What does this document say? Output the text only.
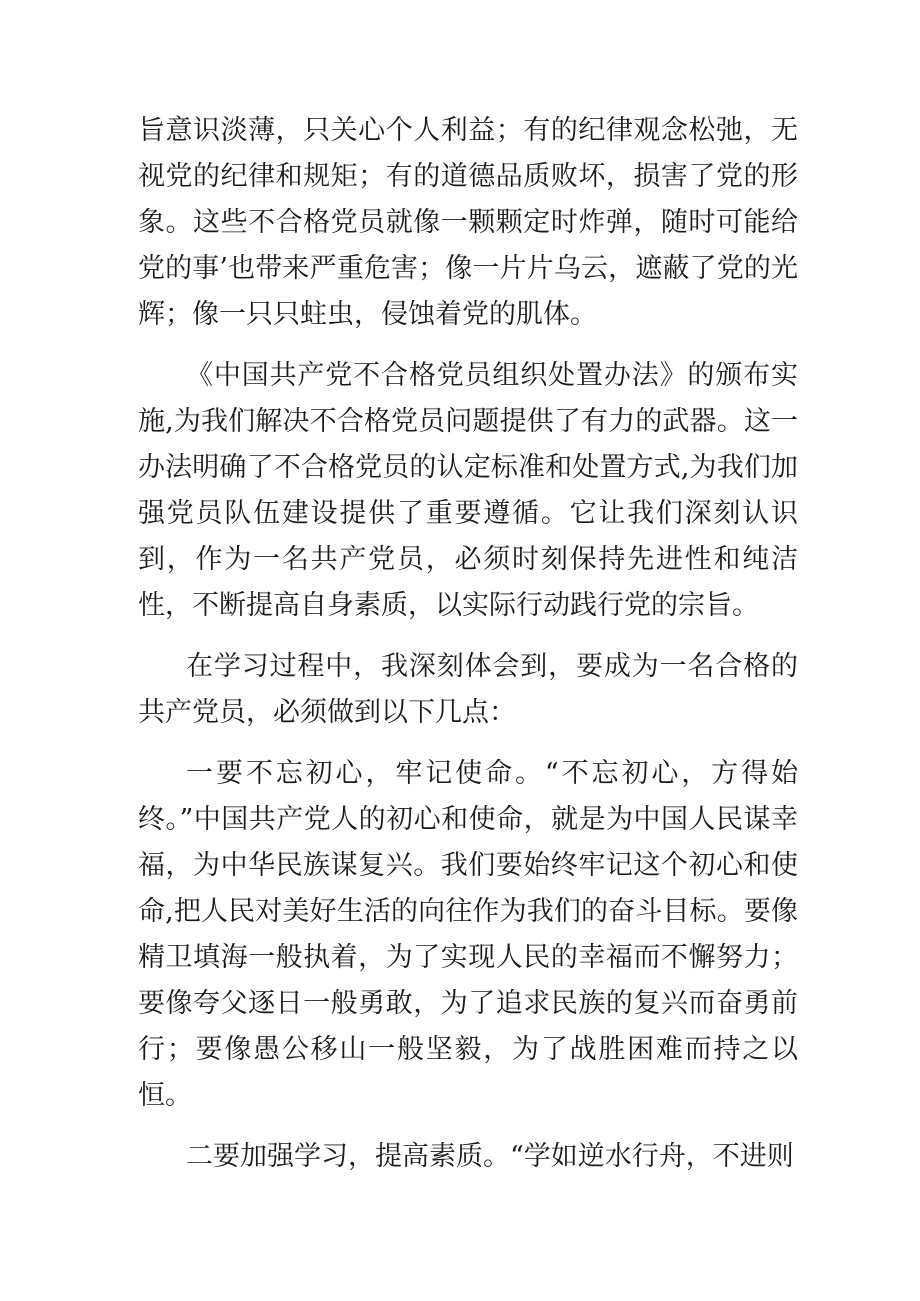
旨意识淡薄，只关心个人利益；有的纪律观念松弛，无视党的纪律和规矩；有的道德品质败坏，损害了党的形象。这些不合格党员就像一颗颗定时炸弹，随时可能给党的事’也带来严重危害；像一片片乌云，遮蔽了党的光辉；像一只只蛀虫，侵蚀着党的肌体。

《中国共产党不合格党员组织处置办法》的颁布实施,为我们解决不合格党员问题提供了有力的武器。这一办法明确了不合格党员的认定标准和处置方式,为我们加强党员队伍建设提供了重要遵循。它让我们深刻认识到，作为一名共产党员，必须时刻保持先进性和纯洁性，不断提高自身素质，以实际行动践行党的宗旨。

在学习过程中，我深刻体会到，要成为一名合格的共产党员，必须做到以下几点：

一要不忘初心，牢记使命。“不忘初心，方得始终。”中国共产党人的初心和使命，就是为中国人民谋幸福，为中华民族谋复兴。我们要始终牢记这个初心和使命,把人民对美好生活的向往作为我们的奋斗目标。要像精卫填海一般执着，为了实现人民的幸福而不懈努力；要像夸父逐日一般勇敢，为了追求民族的复兴而奋勇前行；要像愚公移山一般坚毅，为了战胜困难而持之以恒。

二要加强学习，提高素质。“学如逆水行舟，不进则
